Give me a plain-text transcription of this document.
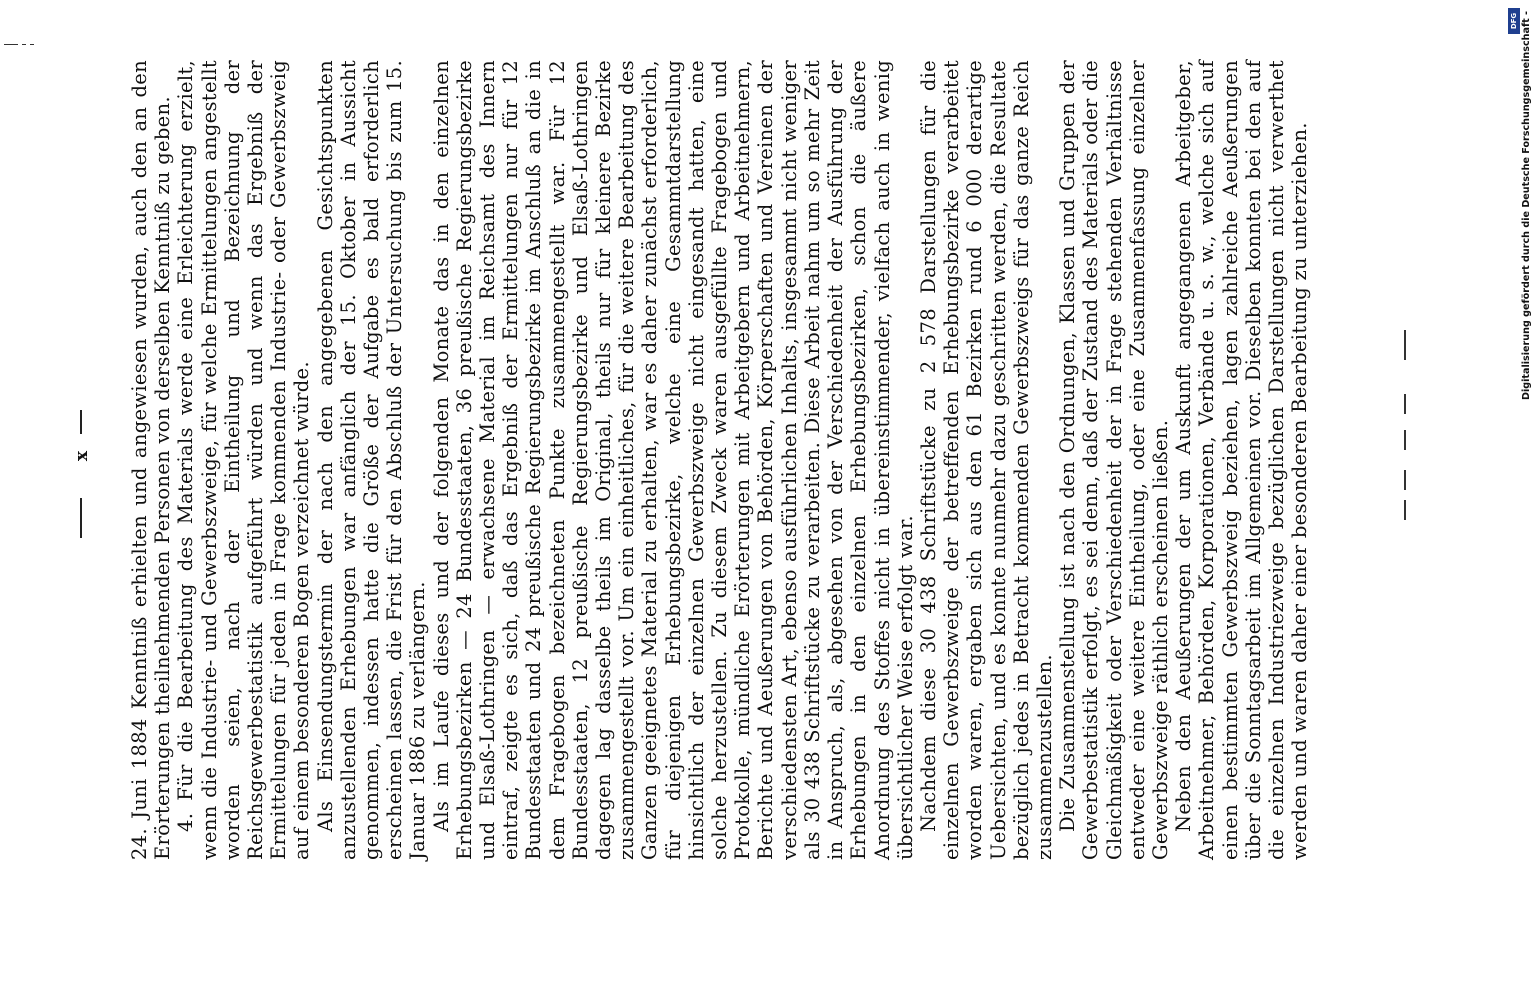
x 24. Juni 1884 Kenntniß erhielten und angewiesen wurden, auch den an den Erörterungen theilnehmenden Personen von derselben Kenntniß zu geben. 4. Für die Bearbeitung des Materials werde eine Erleichterung erzielt, wenn die Industrie- und Gewerbszweige, für welche Ermittelungen angestellt worden seien, nach der Eintheilung und Bezeichnung der Reichsgewerbestatistik aufgeführt würden und wenn das Ergebniß der Ermittelungen für jeden in Frage kommenden Industrie- oder Gewerbszweig auf einem besonderen Bogen verzeichnet würde. Als Einsendungstermin der nach den angegebenen Gesichtspunkten anzustellenden Erhebungen war anfänglich der 15. Oktober in Aussicht genommen, indessen hatte die Größe der Aufgabe es bald erforderlich erscheinen lassen, die Frist für den Abschluß der Untersuchung bis zum 15. Januar 1886 zu verlängern. Als im Laufe dieses und der folgenden Monate das in den einzelnen Erhebungsbezirken — 24 Bundesstaaten, 36 preußische Regierungsbezirke und Elsaß-Lothringen — erwachsene Material im Reichsamt des Innern eintraf, zeigte es sich, daß das Ergebniß der Ermittelungen nur für 12 Bundesstaaten und 24 preußische Regierungsbezirke im Anschluß an die in dem Fragebogen bezeichneten Punkte zusammengestellt war. Für 12 Bundesstaaten, 12 preußische Regierungsbezirke und Elsaß-Lothringen dagegen lag dasselbe theils im Original, theils nur für kleinere Bezirke zusammengestellt vor. Um ein einheitliches, für die weitere Bearbeitung des Ganzen geeignetes Material zu erhalten, war es daher zunächst erforderlich, für diejenigen Erhebungsbezirke, welche eine Gesammtdarstellung hinsichtlich der einzelnen Gewerbszweige nicht eingesandt hatten, eine solche herzustellen. Zu diesem Zweck waren ausgefüllte Fragebogen und Protokolle, mündliche Erörterungen mit Arbeitgebern und Arbeitnehmern, Berichte und Aeußerungen von Behörden, Körperschaften und Vereinen der verschiedensten Art, ebenso ausführlichen Inhalts, insgesammt nicht weniger als 30 438 Schriftstücke zu verarbeiten. Diese Arbeit nahm um so mehr Zeit in Anspruch, als, abgesehen von der Verschiedenheit der Ausführung der Erhebungen in den einzelnen Erhebungsbezirken, schon die äußere Anordnung des Stoffes nicht in übereinstimmender, vielfach auch in wenig übersichtlicher Weise erfolgt war. Nachdem diese 30 438 Schriftstücke zu 2 578 Darstellungen für die einzelnen Gewerbszweige der betreffenden Erhebungsbezirke verarbeitet worden waren, ergaben sich aus den 61 Bezirken rund 6 000 derartige Uebersichten, und es konnte nunmehr dazu geschritten werden, die Resultate bezüglich jedes in Betracht kommenden Gewerbszweigs für das ganze Reich zusammenzustellen. Die Zusammenstellung ist nach den Ordnungen, Klassen und Gruppen der Gewerbestatistik erfolgt, es sei denn, daß der Zustand des Materials oder die Gleichmäßigkeit oder Verschiedenheit der in Frage stehenden Verhältnisse entweder eine weitere Eintheilung, oder eine Zusammenfassung einzelner Gewerbszweige räthlich erscheinen ließen. Neben den Aeußerungen der um Auskunft angegangenen Arbeitgeber, Arbeitnehmer, Behörden, Korporationen, Verbände u. s. w., welche sich auf einen bestimmten Gewerbszweig beziehen, lagen zahlreiche Aeußerungen über die Sonntagsarbeit im Allgemeinen vor. Dieselben konnten bei den auf die einzelnen Industriezweige bezüglichen Darstellungen nicht verwerthet werden und waren daher einer besonderen Bearbeitung zu unterziehen.

DFG Digitalisierung gefördert durch die Deutsche Forschungsgemeinschaft -
